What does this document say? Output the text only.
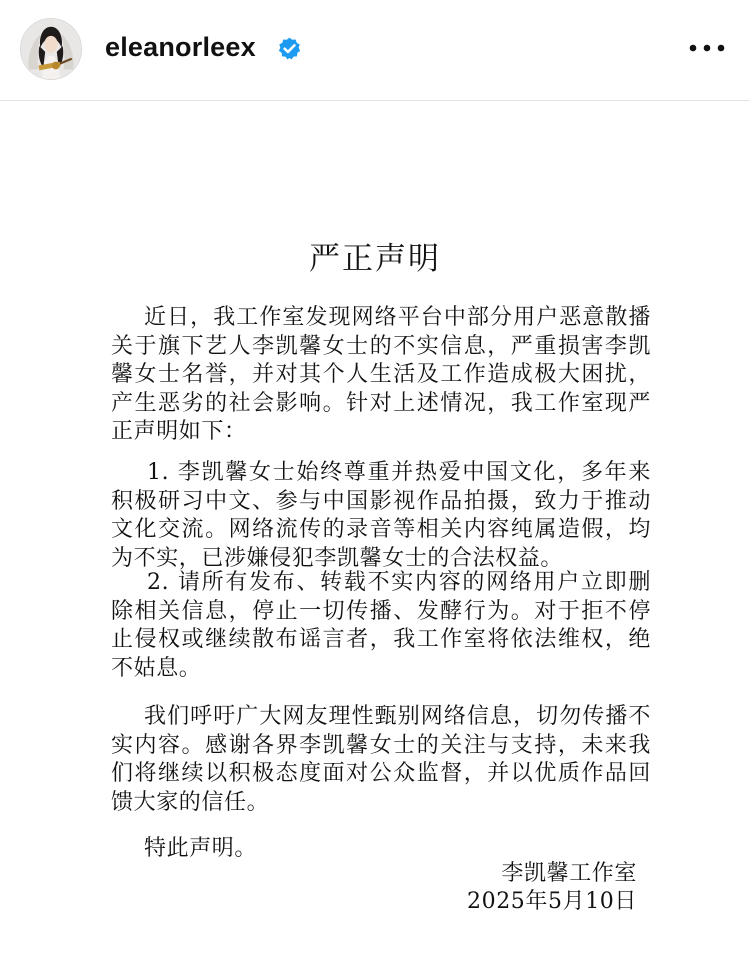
eleanorleex
严正声明
近日，我工作室发现网络平台中部分用户恶意散播关于旗下艺人李凯馨女士的不实信息，严重损害李凯馨女士名誉，并对其个人生活及工作造成极大困扰，产生恶劣的社会影响。针对上述情况，我工作室现严正声明如下：
1. 李凯馨女士始终尊重并热爱中国文化，多年来积极研习中文、参与中国影视作品拍摄，致力于推动文化交流。网络流传的录音等相关内容纯属造假，均为不实，已涉嫌侵犯李凯馨女士的合法权益。
2. 请所有发布、转载不实内容的网络用户立即删除相关信息，停止一切传播、发酵行为。对于拒不停止侵权或继续散布谣言者，我工作室将依法维权，绝不姑息。
我们呼吁广大网友理性甄别网络信息，切勿传播不实内容。感谢各界李凯馨女士的关注与支持，未来我们将继续以积极态度面对公众监督，并以优质作品回馈大家的信任。
特此声明。
李凯馨工作室
2025年5月10日
